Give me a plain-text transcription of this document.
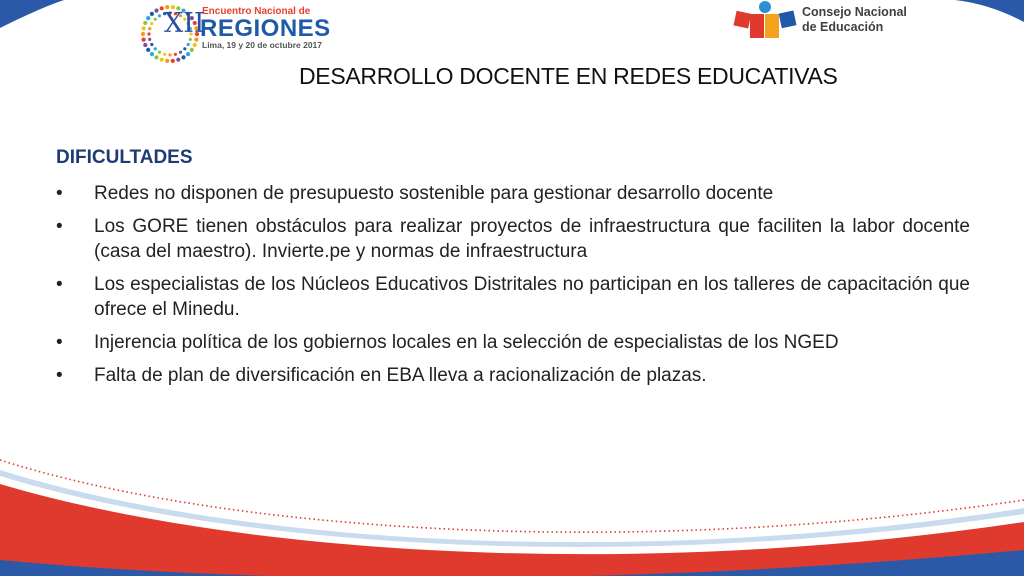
XII
Encuentro Nacional de
REGIONES
Lima, 19 y 20 de octubre 2017
Consejo Nacional
de Educación
DESARROLLO DOCENTE EN REDES EDUCATIVAS
DIFICULTADES
• Redes no disponen de presupuesto sostenible para gestionar desarrollo docente
• Los GORE tienen obstáculos para realizar proyectos de infraestructura que faciliten la labor docente (casa del maestro). Invierte.pe y normas de infraestructura
• Los especialistas de los Núcleos Educativos Distritales no participan en los talleres de capacitación que ofrece el Minedu.
• Injerencia política de los gobiernos locales en la selección de especialistas de los NGED
• Falta de plan de diversificación en EBA lleva a racionalización de plazas.
